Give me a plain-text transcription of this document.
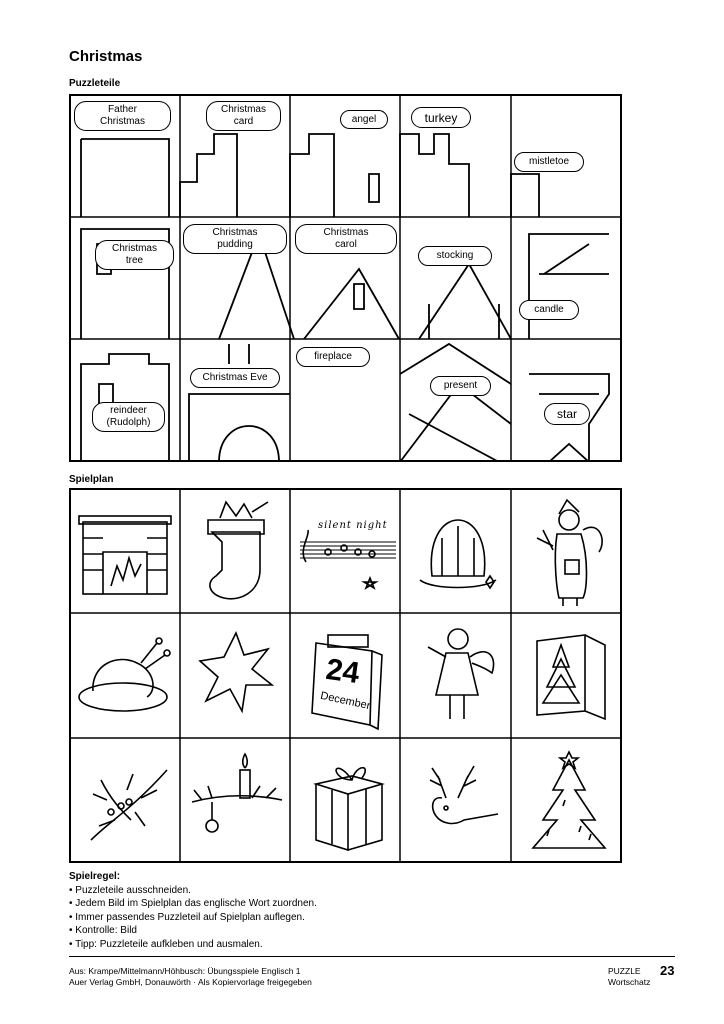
Christmas
Puzzleteile
Father
Christmas
Christmas
card	angel	turkey
mistletoe
Christmas
tree
Christmas
pudding
Christmas
carol
stocking
candle
reindeer
(Rudolph)
Christmas Eve
fireplace
present
star
Spielplan
silent night
24
December
Spielregel:
• Puzzleteile ausschneiden.
• Jedem Bild im Spielplan das englische Wort zuordnen.
• Immer passendes Puzzleteil auf Spielplan auflegen.
• Kontrolle: Bild
• Tipp: Puzzleteile aufkleben und ausmalen.
Aus: Krampe/Mittelmann/Höhbusch: Übungsspiele Englisch 1
Auer Verlag GmbH, Donauwörth · Als Kopiervorlage freigegeben
PUZZLE
Wortschatz
23
